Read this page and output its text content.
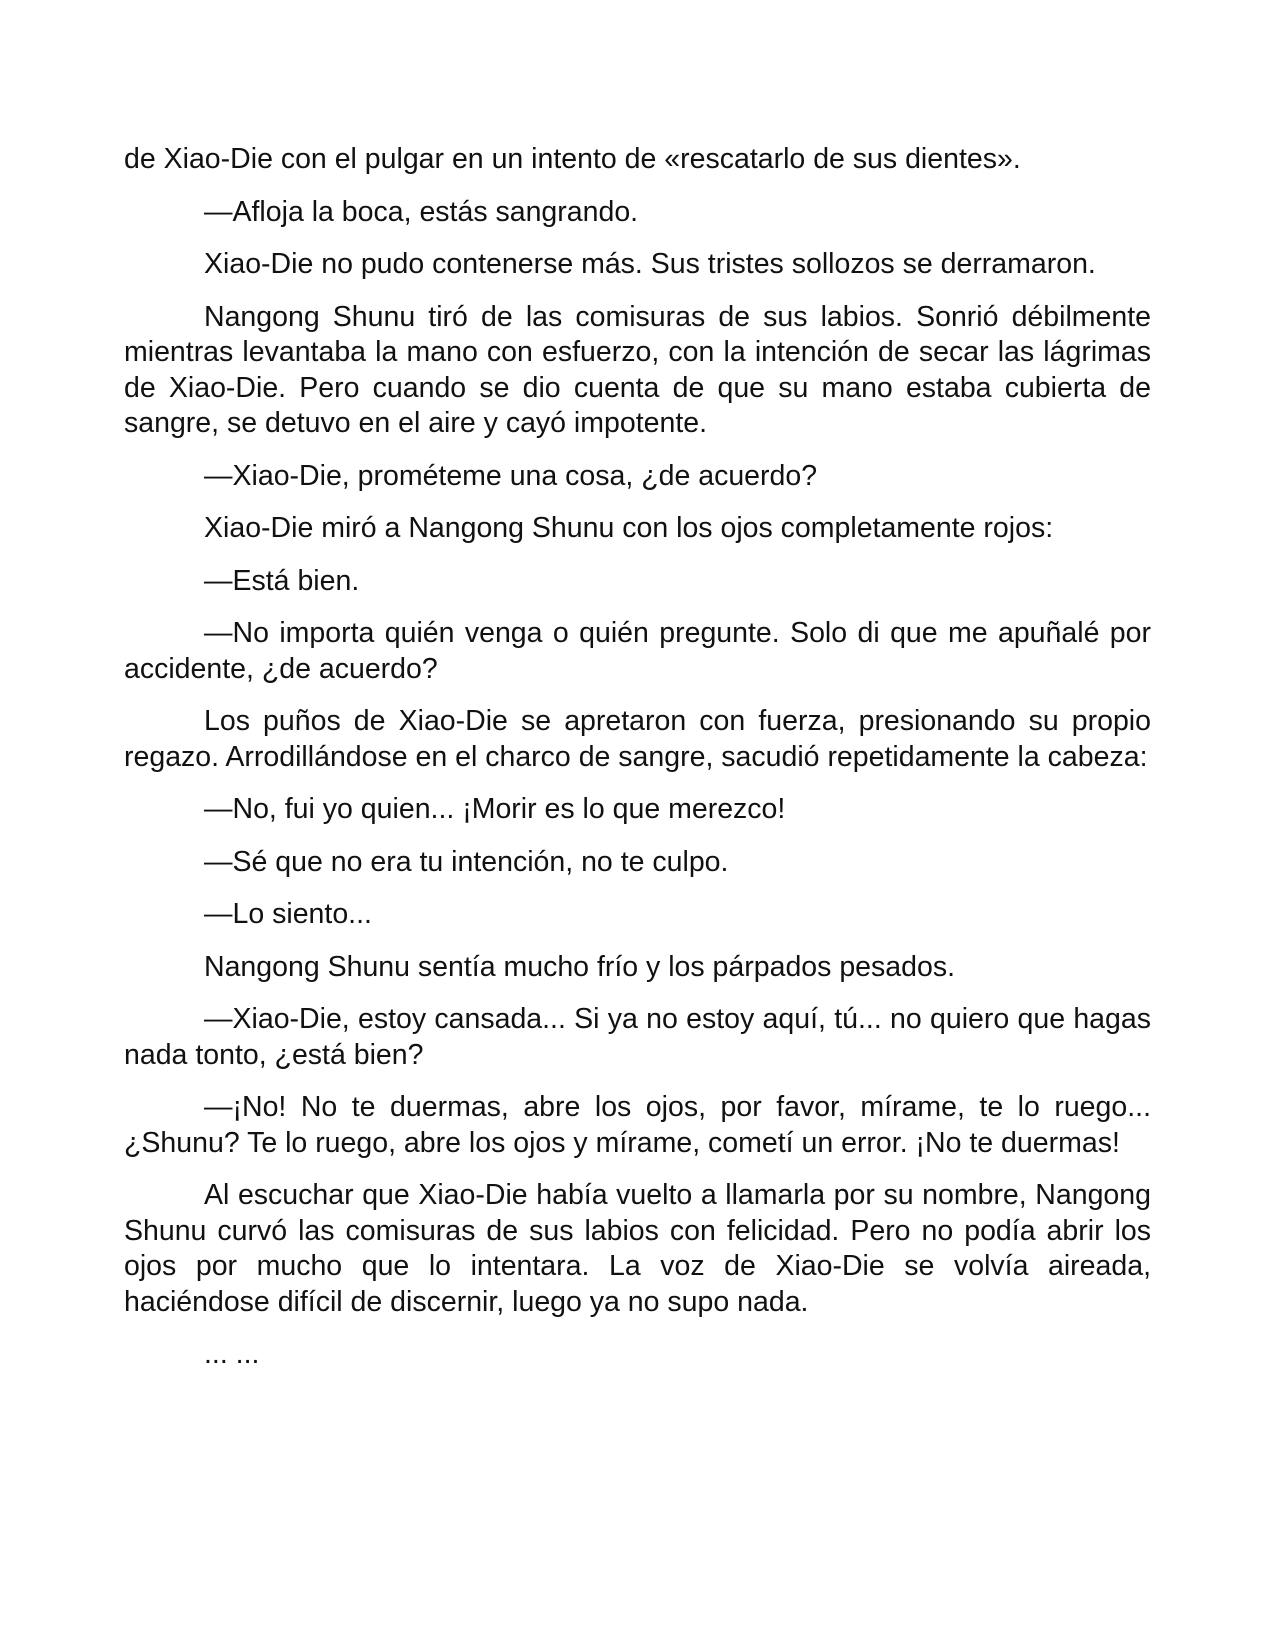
de Xiao-Die con el pulgar en un intento de «rescatarlo de sus dientes».

—Afloja la boca, estás sangrando.

Xiao-Die no pudo contenerse más. Sus tristes sollozos se derramaron.

Nangong Shunu tiró de las comisuras de sus labios. Sonrió débilmente mientras levantaba la mano con esfuerzo, con la intención de secar las lágrimas de Xiao-Die. Pero cuando se dio cuenta de que su mano estaba cubierta de sangre, se detuvo en el aire y cayó impotente.

—Xiao-Die, prométeme una cosa, ¿de acuerdo?

Xiao-Die miró a Nangong Shunu con los ojos completamente rojos:

—Está bien.

—No importa quién venga o quién pregunte. Solo di que me apuñalé por accidente, ¿de acuerdo?

Los puños de Xiao-Die se apretaron con fuerza, presionando su propio regazo. Arrodillándose en el charco de sangre, sacudió repetidamente la cabeza:

—No, fui yo quien... ¡Morir es lo que merezco!

—Sé que no era tu intención, no te culpo.

—Lo siento...

Nangong Shunu sentía mucho frío y los párpados pesados.

—Xiao-Die, estoy cansada... Si ya no estoy aquí, tú... no quiero que hagas nada tonto, ¿está bien?

—¡No! No te duermas, abre los ojos, por favor, mírame, te lo ruego... ¿Shunu? Te lo ruego, abre los ojos y mírame, cometí un error. ¡No te duermas!

Al escuchar que Xiao-Die había vuelto a llamarla por su nombre, Nangong Shunu curvó las comisuras de sus labios con felicidad. Pero no podía abrir los ojos por mucho que lo intentara. La voz de Xiao-Die se volvía aireada, haciéndose difícil de discernir, luego ya no supo nada.

... ...
